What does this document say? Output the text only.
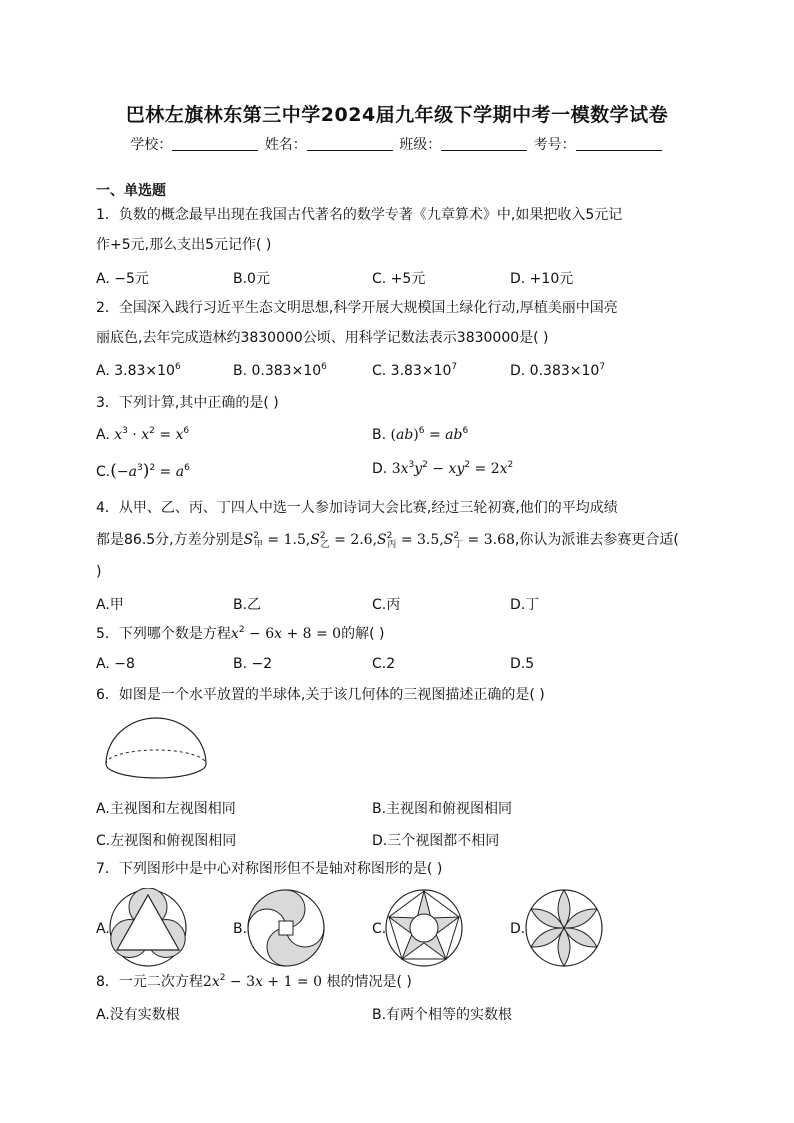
巴林左旗林东第三中学2024届九年级下学期中考一模数学试卷
学校：	姓名：	班级：	考号：
一、单选题
1．负数的概念最早出现在我国古代著名的数学专著《九章算术》中,如果把收入5元记
作+5元,那么支出5元记作( )
A. −5元	B.0元	C. +5元	D. +10元
2．全国深入践行习近平生态文明思想,科学开展大规模国土绿化行动,厚植美丽中国亮
丽底色,去年完成造林约3830000公顷、用科学记数法表示3830000是( )
A. $3.83\times 10^6$	B. $0.383\times 10^6$	C. $3.83\times 10^7$	D. $0.383\times 10^7$
3．下列计算,其中正确的是( )
A. $x^3 \cdot x^2 = x^6$	B. $(ab)^6 = ab^6$
$C.(-a^3)^2 = a^6$	D. $3x^3y^2 - xy^2 = 2x^2$
4．从甲、乙、丙、丁四人中选一人参加诗词大会比赛,经过三轮初赛,他们的平均成绩
都是86.5分,方差分别是$S^2_甲 = 1.5,S^2_乙 = 2.6,S^2_丙 = 3.5,S^2_丁 = 3.68$,你认为派谁去参赛更合适(
)
A.甲	B.乙	C.丙	D.丁
5．下列哪个数是方程$x^2 - 6x + 8 = 0$的解( )
A. −8	B. −2	C.2	D.5
6．如图是一个水平放置的半球体,关于该几何体的三视图描述正确的是( )
A.主视图和左视图相同	B.主视图和俯视图相同
C.左视图和俯视图相同	D.三个视图都不相同
7．下列图形中是中心对称图形但不是轴对称图形的是( )
A.	B.	C.	D.
8．一元二次方程$2x^2 - 3x + 1 = 0$ 根的情况是( )
A.没有实数根	B.有两个相等的实数根
